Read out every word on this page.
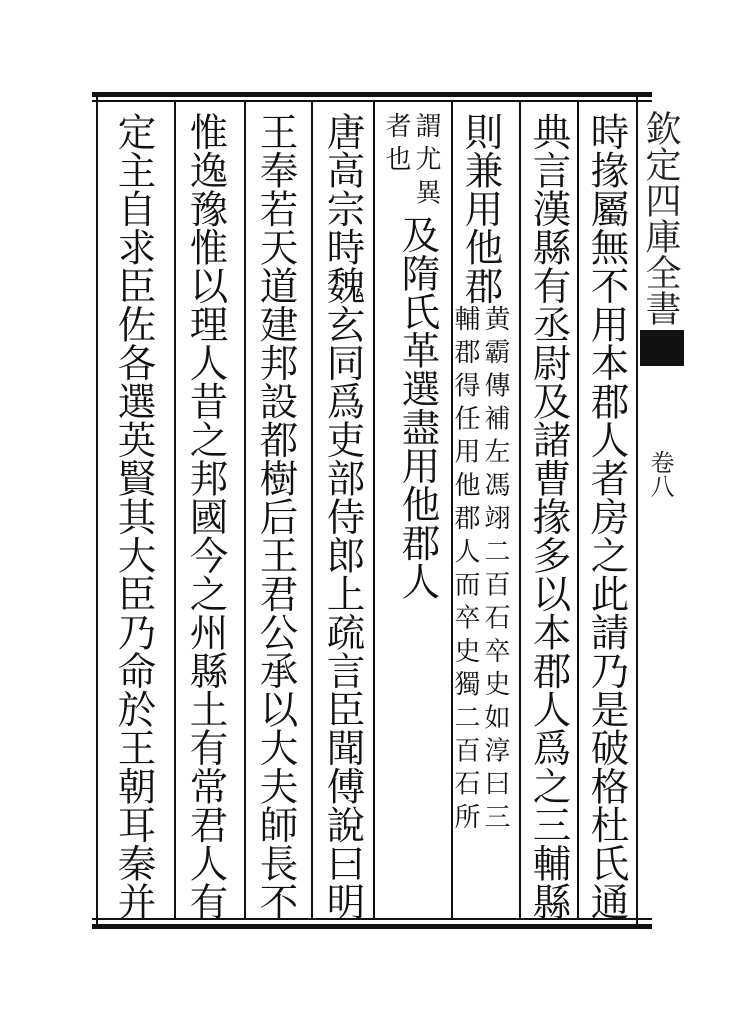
欽定四庫全書
卷八
時掾屬無不用本郡人者房之此請乃是破格杜氏通
典言漢縣有丞尉及諸曹掾多以本郡人爲之三輔縣
則兼用他郡
黄霸傳補左馮翊二百石卒史如淳曰三
輔郡得任用他郡人而卒史獨二百石所
謂尤異
者也
及隋氏革選盡用他郡人
唐高宗時魏玄同爲吏部侍郎上疏言臣聞傅說曰明
王奉若天道建邦設都樹后王君公承以大夫師長不
惟逸豫惟以理人昔之邦國今之州縣土有常君人有
定主自求臣佐各選英賢其大臣乃命於王朝耳秦并
